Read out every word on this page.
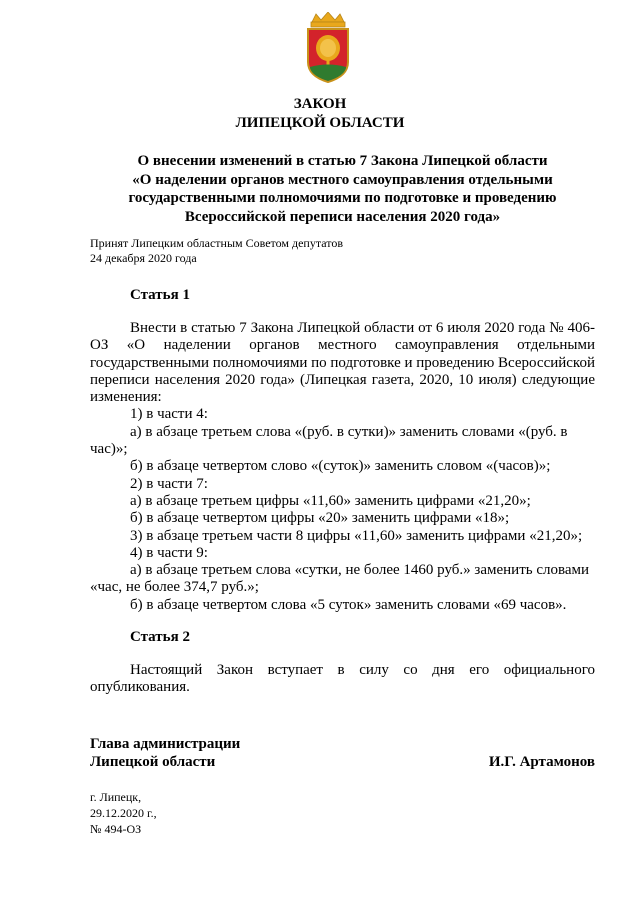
ЗАКОН
ЛИПЕЦКОЙ ОБЛАСТИ
О внесении изменений в статью 7 Закона Липецкой области
«О наделении органов местного самоуправления отдельными
государственными полномочиями по подготовке и проведению
Всероссийской переписи населения 2020 года»
Принят Липецким областным Советом депутатов
24 декабря 2020 года
Статья 1

Внести в статью 7 Закона Липецкой области от 6 июля 2020 года № 406-ОЗ «О наделении органов местного самоуправления отдельными государственными полномочиями по подготовке и проведению Всероссийской переписи населения 2020 года» (Липецкая газета, 2020, 10 июля) следующие изменения:

1) в части 4:

а) в абзаце третьем слова «(руб. в сутки)» заменить словами «(руб. в час)»;

б) в абзаце четвертом слово «(суток)» заменить словом «(часов)»;

2) в части 7:

а) в абзаце третьем цифры «11,60» заменить цифрами «21,20»;

б) в абзаце четвертом цифры «20» заменить цифрами «18»;

3) в абзаце третьем части 8 цифры «11,60» заменить цифрами «21,20»;

4) в части 9:

а) в абзаце третьем слова «сутки, не более 1460 руб.» заменить словами «час, не более 374,7 руб.»;

б) в абзаце четвертом слова «5 суток» заменить словами «69 часов».

Статья 2

Настоящий Закон вступает в силу со дня его официального опубликования.

Глава администрации
Липецкой области	И.Г. Артамонов
г. Липецк,
29.12.2020 г.,
№ 494-ОЗ
